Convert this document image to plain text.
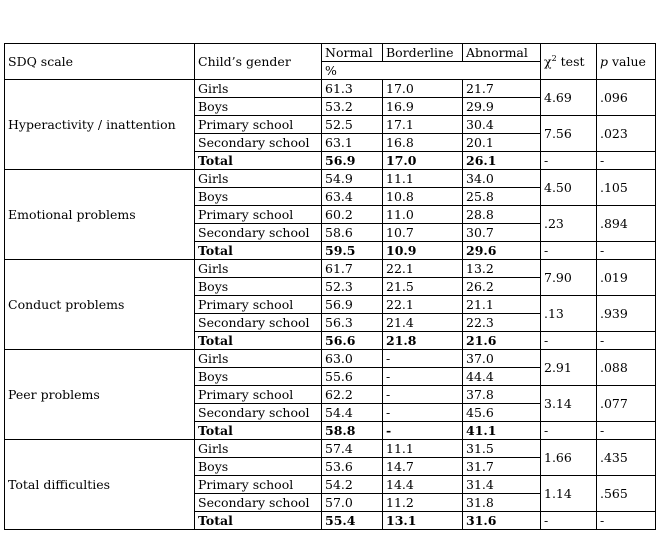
SDQ scale	Child’s gender	Normal	Borderline	Abnormal	$\chi^2$ test	p value
		%				
Hyperactivity / inattention	Girls	61.3	17.0	21.7	4.69	.096
	Boys	53.2	16.9	29.9		
	Primary school	52.5	17.1	30.4	7.56	.023
	Secondary school	63.1	16.8	20.1		
	Total	56.9	17.0	26.1	-	-
Emotional problems	Girls	54.9	11.1	34.0	4.50	.105
	Boys	63.4	10.8	25.8		
	Primary school	60.2	11.0	28.8	.23	.894
	Secondary school	58.6	10.7	30.7		
	Total	59.5	10.9	29.6	-	-
Conduct problems	Girls	61.7	22.1	13.2	7.90	.019
	Boys	52.3	21.5	26.2		
	Primary school	56.9	22.1	21.1	.13	.939
	Secondary school	56.3	21.4	22.3		
	Total	56.6	21.8	21.6	-	-
Peer problems	Girls	63.0	-	37.0	2.91	.088
	Boys	55.6	-	44.4		
	Primary school	62.2	-	37.8	3.14	.077
	Secondary school	54.4	-	45.6		
	Total	58.8	-	41.1	-	-
Total difficulties	Girls	57.4	11.1	31.5	1.66	.435
	Boys	53.6	14.7	31.7		
	Primary school	54.2	14.4	31.4	1.14	.565
	Secondary school	57.0	11.2	31.8		
	Total	55.4	13.1	31.6	-	-
